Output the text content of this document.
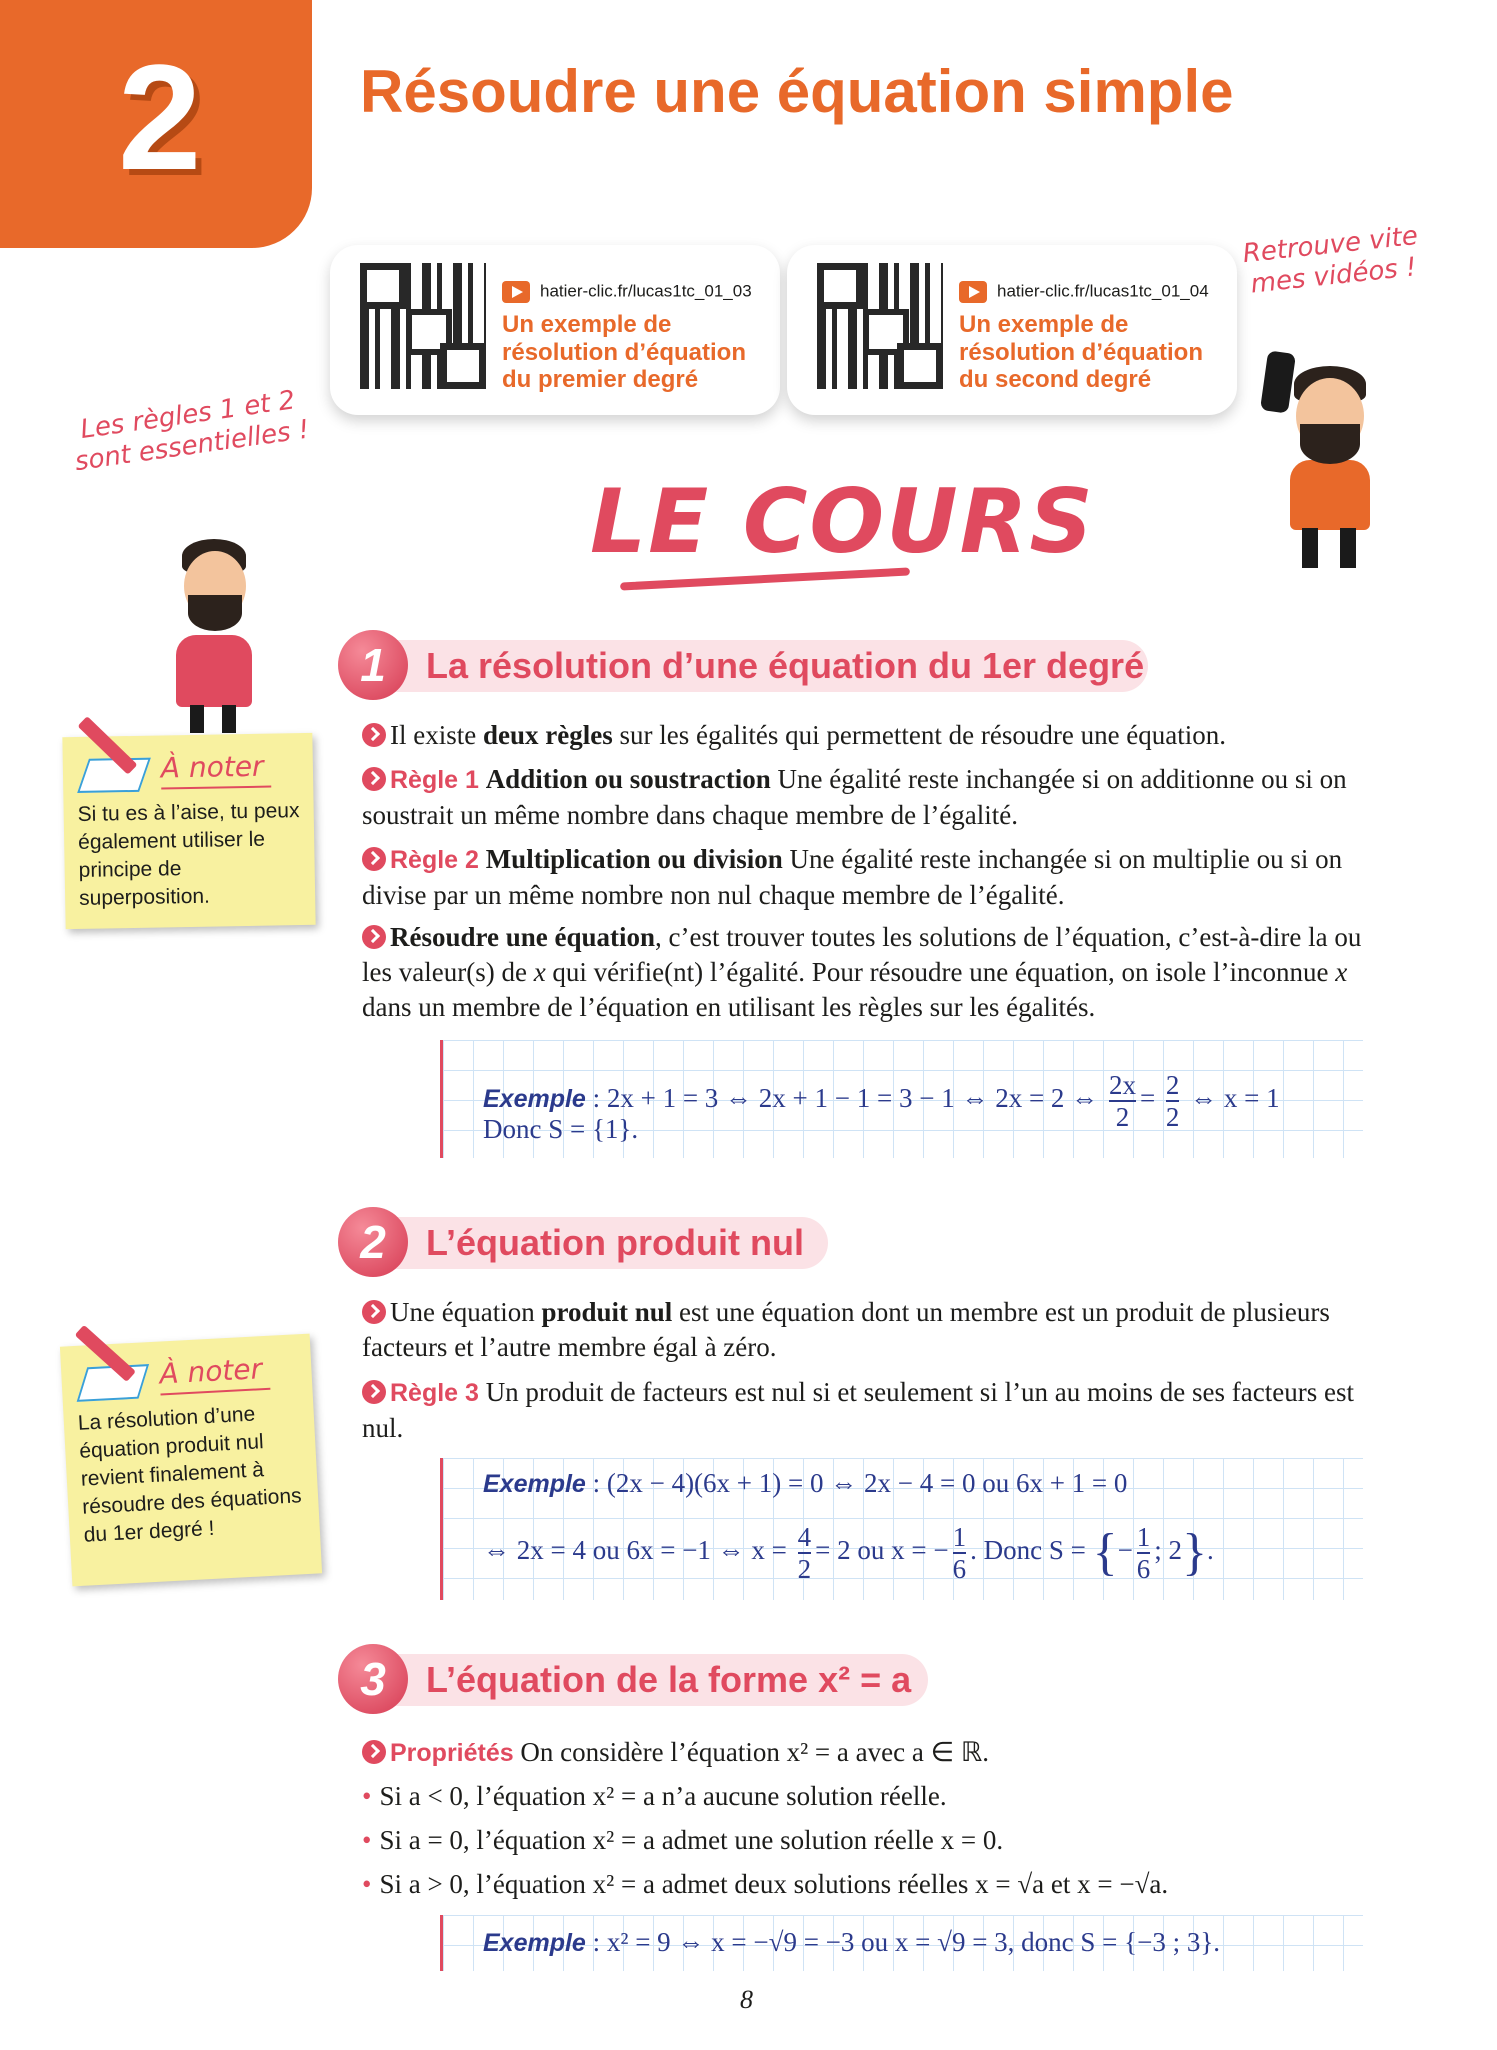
2	Résoudre une équation simple
hatier-clic.fr/lucas1tc_01_03
Un exemple de résolution d’équation du premier degré
hatier-clic.fr/lucas1tc_01_04
Un exemple de résolution d’équation du second degré
Retrouve vite mes vidéos !
Les règles 1 et 2 sont essentielles !
LE COURS
1	La résolution d’une équation du 1er degré
Il existe deux règles sur les égalités qui permettent de résoudre une équation.
Règle 1 Addition ou soustraction Une égalité reste inchangée si on additionne ou si on soustrait un même nombre dans chaque membre de l’égalité.
Règle 2 Multiplication ou division Une égalité reste inchangée si on multiplie ou si on divise par un même nombre non nul chaque membre de l’égalité.
Résoudre une équation, c’est trouver toutes les solutions de l’équation, c’est-à-dire la ou les valeur(s) de x qui vérifie(nt) l’égalité. Pour résoudre une équation, on isole l’inconnue x dans un membre de l’équation en utilisant les règles sur les égalités.
Exemple : 2x + 1 = 3 ⇔ 2x + 1 − 1 = 3 − 1 ⇔ 2x = 2 ⇔ $\frac{2x}{2} = \frac{2}{2}$ ⇔ x = 1
Donc S = {1}.
À noter
Si tu es à l’aise, tu peux également utiliser le principe de superposition.
2	L’équation produit nul
Une équation produit nul est une équation dont un membre est un produit de plusieurs facteurs et l’autre membre égal à zéro.
Règle 3 Un produit de facteurs est nul si et seulement si l’un au moins de ses facteurs est nul.
Exemple : (2x − 4)(6x + 1) = 0 ⇔ 2x − 4 = 0 ou 6x + 1 = 0
⇔ 2x = 4 ou 6x = −1 ⇔ $x = \frac{4}{2} = 2$ ou x = − $\frac{1}{6}$ . Donc S = {− $\frac{1}{6}$ ; 2}.
À noter
La résolution d’une équation produit nul revient finalement à résoudre des équations du 1er degré !
3	L’équation de la forme x² = a
Propriétés On considère l’équation x² = a avec a ∈ ℝ.
• Si a < 0, l’équation x² = a n’a aucune solution réelle.
• Si a = 0, l’équation x² = a admet une solution réelle x = 0.
• Si a > 0, l’équation x² = a admet deux solutions réelles x = √a et x = −√a.
Exemple : x² = 9 ⇔ x = −√9 = −3 ou x = √9 = 3, donc S = {−3 ; 3}.
8
